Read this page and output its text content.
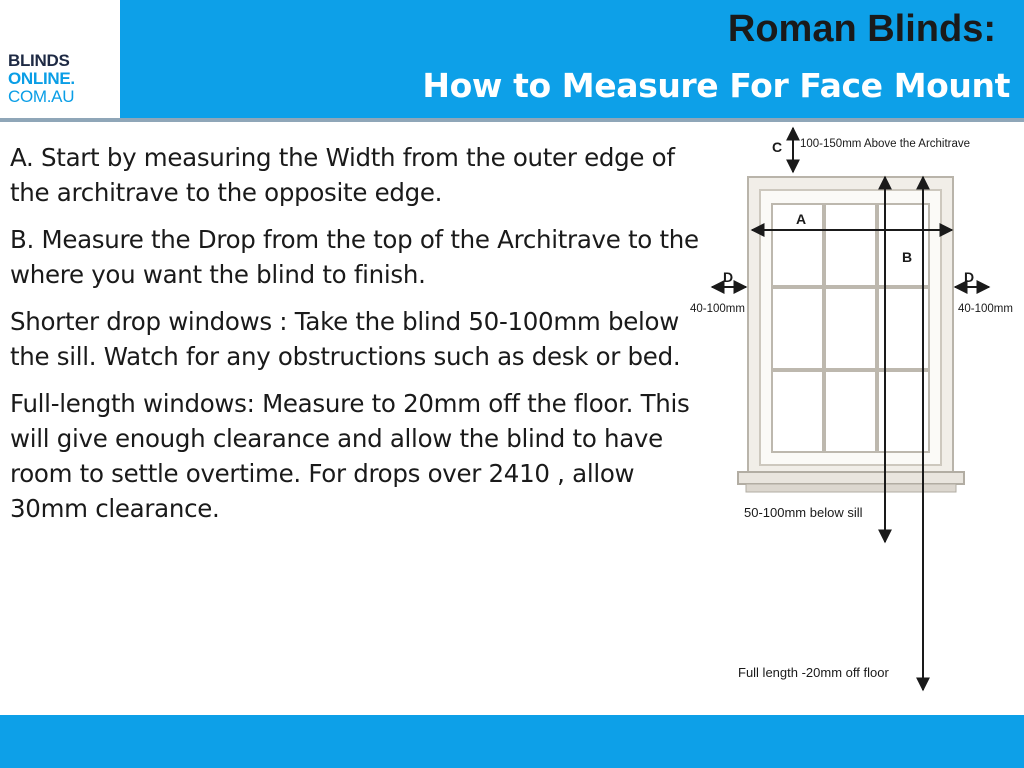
Roman Blinds:
How to Measure For Face Mount
BLINDS
ONLINE.
COM.AU

A. Start by measuring the Width from the outer edge of the architrave to the opposite edge.

B. Measure the Drop from the top of the Architrave to the where you want the blind to finish.

Shorter drop windows : Take the blind 50-100mm below the sill. Watch for any obstructions such as desk or bed.

Full-length windows: Measure to 20mm off the floor. This will give enough clearance and allow the blind to have room to settle overtime. For drops over 2410 , allow 30mm clearance.

C 100-150mm Above the Architrave
A
B
D
40-100mm
D
40-100mm
50-100mm below sill
Full length -20mm off floor
